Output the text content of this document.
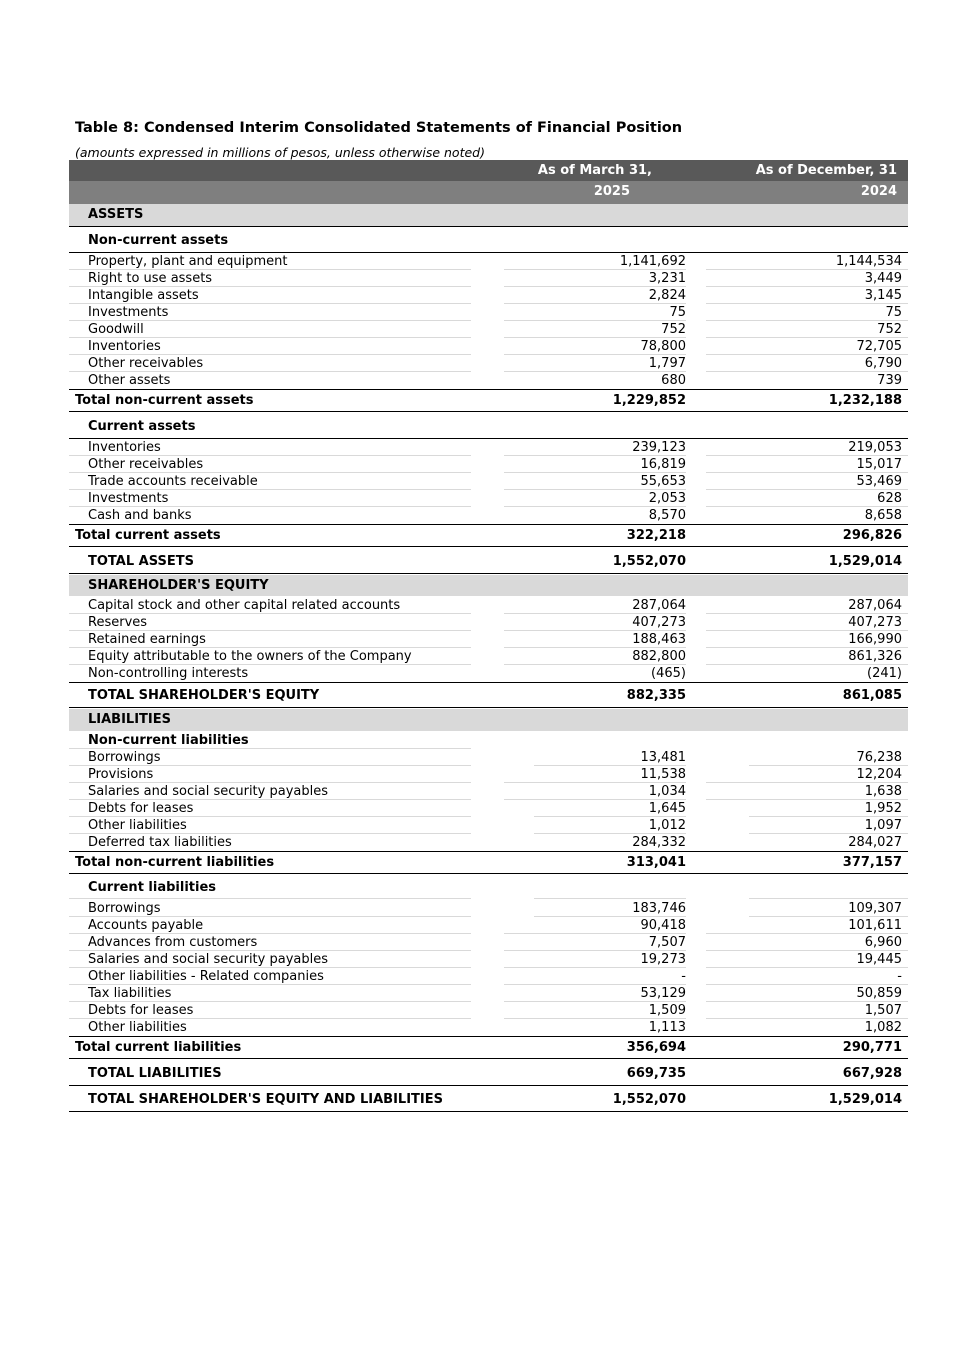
Table 8: Condensed Interim Consolidated Statements of Financial Position
(amounts expressed in millions of pesos, unless otherwise noted)
As of March 31,	As of December, 31
2025	2024
ASSETS
Non-current assets
Property, plant and equipment	1,141,692	1,144,534
Right to use assets	3,231	3,449
Intangible assets	2,824	3,145
Investments	75	75
Goodwill	752	752
Inventories	78,800	72,705
Other receivables	1,797	6,790
Other assets	680	739
Total non-current assets	1,229,852	1,232,188
Current assets
Inventories	239,123	219,053
Other receivables	16,819	15,017
Trade accounts receivable	55,653	53,469
Investments	2,053	628
Cash and banks	8,570	8,658
Total current assets	322,218	296,826
TOTAL ASSETS	1,552,070	1,529,014
SHAREHOLDER'S EQUITY
Capital stock and other capital related accounts	287,064	287,064
Reserves	407,273	407,273
Retained earnings	188,463	166,990
Equity attributable to the owners of the Company	882,800	861,326
Non-controlling interests	(465)	(241)
TOTAL SHAREHOLDER'S EQUITY	882,335	861,085
LIABILITIES
Non-current liabilities
Borrowings	13,481	76,238
Provisions	11,538	12,204
Salaries and social security payables	1,034	1,638
Debts for leases	1,645	1,952
Other liabilities	1,012	1,097
Deferred tax liabilities	284,332	284,027
Total non-current liabilities	313,041	377,157
Current liabilities
Borrowings	183,746	109,307
Accounts payable	90,418	101,611
Advances from customers	7,507	6,960
Salaries and social security payables	19,273	19,445
Other liabilities - Related companies	-	-
Tax liabilities	53,129	50,859
Debts for leases	1,509	1,507
Other liabilities	1,113	1,082
Total current liabilities	356,694	290,771
TOTAL LIABILITIES	669,735	667,928
TOTAL SHAREHOLDER'S EQUITY AND LIABILITIES	1,552,070	1,529,014
